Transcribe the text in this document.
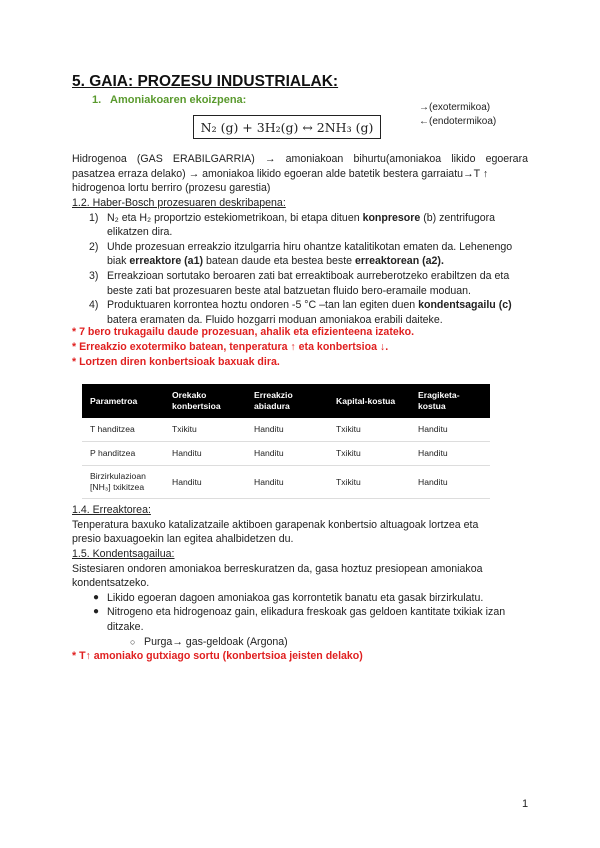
5. GAIA: PROZESU INDUSTRIALAK:
1. Amoniakoaren ekoizpena:
→(exotermikoa)
←(endotermikoa)
N₂ (g) + 3H₂(g) ↔ 2NH₃ (g)
Hidrogenoa (GAS ERABILGARRIA) → amoniakoan bihurtu(amoniakoa likido egoerara
pasatzea erraza delako) → amoniakoa likido egoeran alde batetik bestera garraiatu→T ↑
hidrogenoa lortu berriro (prozesu garestia)
1.2. Haber-Bosch prozesuaren deskribapena:
1) N₂ eta H₂ proportzio estekiometrikoan, bi etapa dituen konpresore (b) zentrifugora elikatzen dira.
2) Uhde prozesuan erreakzio itzulgarria hiru ohantze katalitikotan ematen da. Lehenengo biak erreaktore (a1) batean daude eta bestea beste erreaktorean (a2).
3) Erreakzioan sortutako beroaren zati bat erreaktiboak aurreberotzeko erabiltzen da eta beste zati bat prozesuaren beste atal batzuetan fluido bero-eramaile moduan.
4) Produktuaren korrontea hoztu ondoren -5 °C –tan lan egiten duen kondentsagailu (c) batera eramaten da. Fluido hozgarri moduan amoniakoa erabili daiteke.
* 7 bero trukagailu daude prozesuan, ahalik eta efizienteena izateko.
* Erreakzio exotermiko batean, tenperatura ↑ eta konbertsioa ↓.
* Lortzen diren konbertsioak baxuak dira.
Parametroa	Orekako konbertsioa	Erreakzio abiadura	Kapital-kostua	Eragiketa-kostua
T handitzea	Txikitu	Handitu	Txikitu	Handitu
P handitzea	Handitu	Handitu	Txikitu	Handitu
Birzirkulazioan [NH₃] txikitzea	Handitu	Handitu	Txikitu	Handitu
1.4. Erreaktorea:
Tenperatura baxuko katalizatzaile aktiboen garapenak konbertsio altuagoak lortzea eta
presio baxuagoekin lan egitea ahalbidetzen du.
1.5. Kondentsagailua:
Sistesiaren ondoren amoniakoa berreskuratzen da, gasa hoztuz presiopean amoniakoa
kondentsatzeko.
● Likido egoeran dagoen amoniakoa gas korrontetik banatu eta gasak birzirkulatu.
● Nitrogeno eta hidrogenoaz gain, elikadura freskoak gas geldoen kantitate txikiak izan ditzake.
○ Purga→ gas-geldoak (Argona)
* T↑ amoniako gutxiago sortu (konbertsioa jeisten delako)
1
